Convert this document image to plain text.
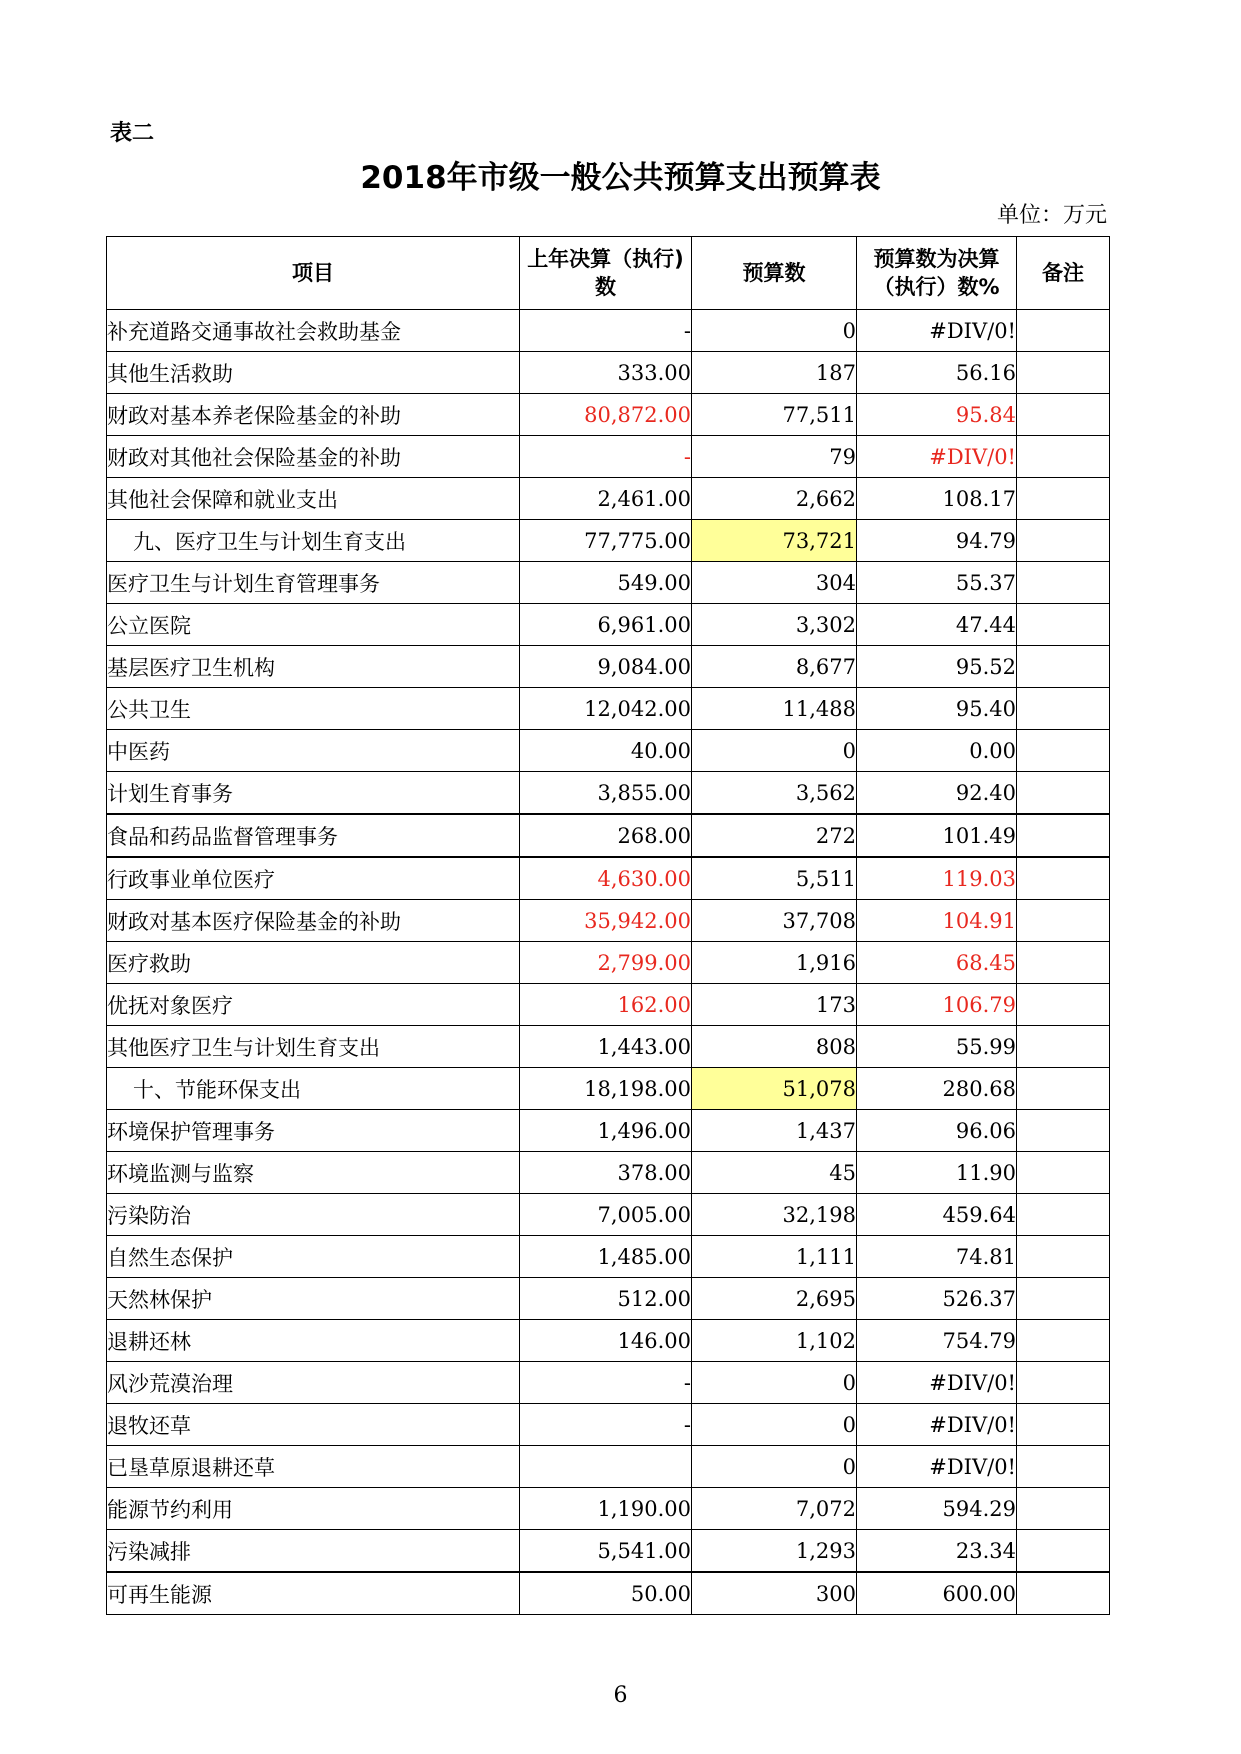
表二
2018年市级一般公共预算支出预算表
单位：万元
项目	上年决算（执行)数	预算数	预算数为决算（执行）数%	备注
补充道路交通事故社会救助基金	-	0	#DIV/0!	
其他生活救助	333.00	187	56.16	
财政对基本养老保险基金的补助	80,872.00	77,511	95.84	
财政对其他社会保险基金的补助	-	79	#DIV/0!	
其他社会保障和就业支出	2,461.00	2,662	108.17	
九、医疗卫生与计划生育支出	77,775.00	73,721	94.79	
医疗卫生与计划生育管理事务	549.00	304	55.37	
公立医院	6,961.00	3,302	47.44	
基层医疗卫生机构	9,084.00	8,677	95.52	
公共卫生	12,042.00	11,488	95.40	
中医药	40.00	0	0.00	
计划生育事务	3,855.00	3,562	92.40	
食品和药品监督管理事务	268.00	272	101.49	
行政事业单位医疗	4,630.00	5,511	119.03	
财政对基本医疗保险基金的补助	35,942.00	37,708	104.91	
医疗救助	2,799.00	1,916	68.45	
优抚对象医疗	162.00	173	106.79	
其他医疗卫生与计划生育支出	1,443.00	808	55.99	
十、节能环保支出	18,198.00	51,078	280.68	
环境保护管理事务	1,496.00	1,437	96.06	
环境监测与监察	378.00	45	11.90	
污染防治	7,005.00	32,198	459.64	
自然生态保护	1,485.00	1,111	74.81	
天然林保护	512.00	2,695	526.37	
退耕还林	146.00	1,102	754.79	
风沙荒漠治理	-	0	#DIV/0!	
退牧还草	-	0	#DIV/0!	
已垦草原退耕还草		0	#DIV/0!	
能源节约利用	1,190.00	7,072	594.29	
污染减排	5,541.00	1,293	23.34	
可再生能源	50.00	300	600.00	
6
